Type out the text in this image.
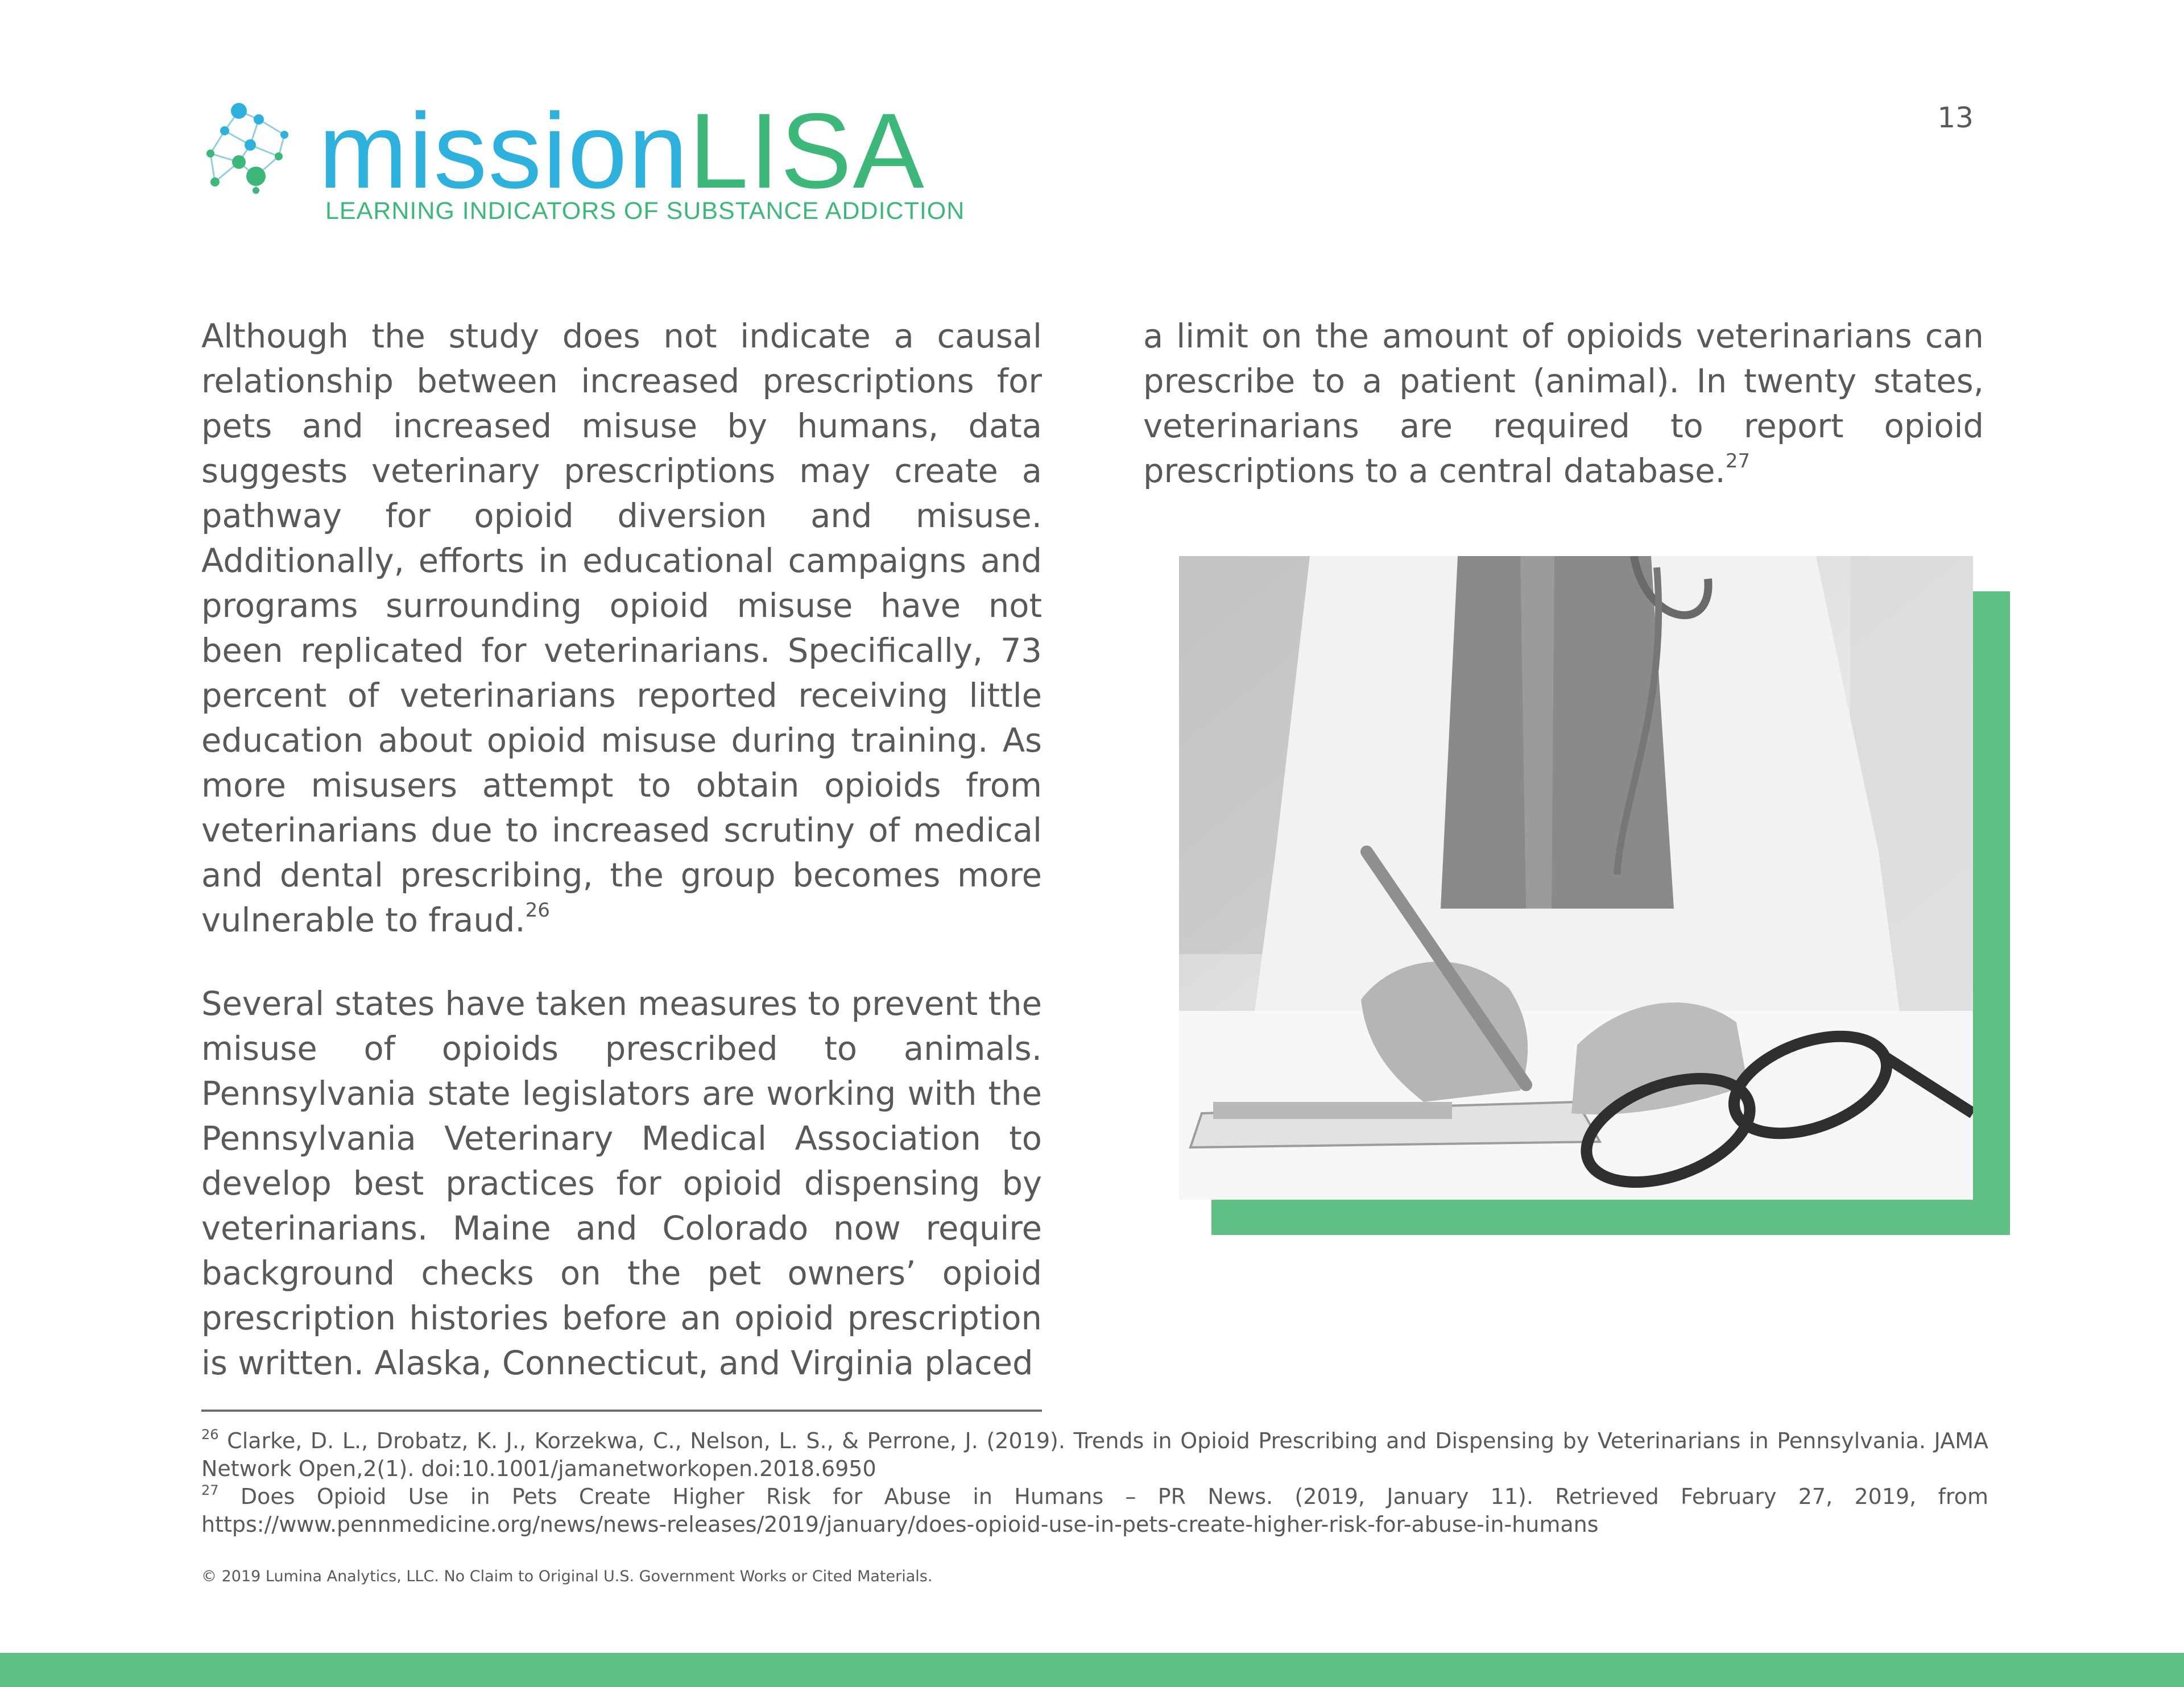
missionLISA
LEARNING INDICATORS OF SUBSTANCE ADDICTION
13

Although the study does not indicate a causal relationship between increased prescriptions for pets and increased misuse by humans, data suggests veterinary prescriptions may create a pathway for opioid diversion and misuse. Additionally, efforts in educational campaigns and programs surrounding opioid misuse have not been replicated for veterinarians. Specifically, 73 percent of veterinarians reported receiving little education about opioid misuse during training. As more misusers attempt to obtain opioids from veterinarians due to increased scrutiny of medical and dental prescribing, the group becomes more vulnerable to fraud.$^{26}$

Several states have taken measures to prevent the misuse of opioids prescribed to animals. Pennsylvania state legislators are working with the Pennsylvania Veterinary Medical Association to develop best practices for opioid dispensing by veterinarians. Maine and Colorado now require background checks on the pet owners’ opioid prescription histories before an opioid prescription is written. Alaska, Connecticut, and Virginia placed

a limit on the amount of opioids veterinarians can prescribe to a patient (animal). In twenty states, veterinarians are required to report opioid prescriptions to a central database.$^{27}$

$^{26}$ Clarke, D. L., Drobatz, K. J., Korzekwa, C., Nelson, L. S., & Perrone, J. (2019). Trends in Opioid Prescribing and Dispensing by Veterinarians in Pennsylvania. JAMA Network Open,2(1). doi:10.1001/jamanetworkopen.2018.6950

$^{27}$ Does Opioid Use in Pets Create Higher Risk for Abuse in Humans – PR News. (2019, January 11). Retrieved February 27, 2019, from https://www.pennmedicine.org/news/news-releases/2019/january/does-opioid-use-in-pets-create-higher-risk-for-abuse-in-humans

© 2019 Lumina Analytics, LLC. No Claim to Original U.S. Government Works or Cited Materials.
